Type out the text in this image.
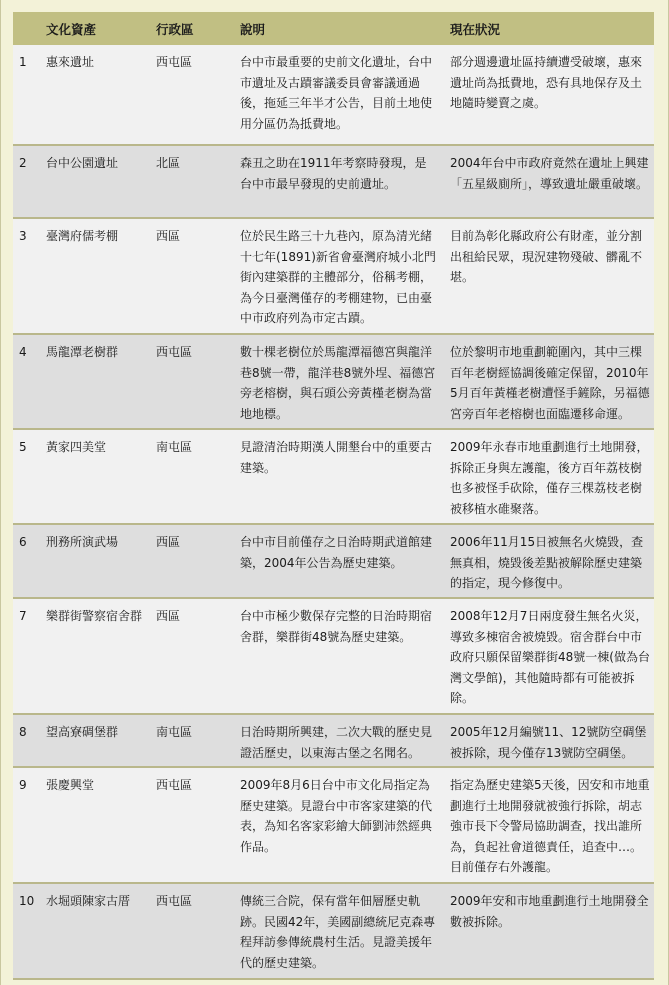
	文化資產	行政區	說明	現在狀況
1	惠來遺址	西屯區	台中市最重要的史前文化遺址，台中市遺址及古蹟審議委員會審議通過後，拖延三年半才公告，目前土地使用分區仍為抵費地。	部分週邊遺址區持續遭受破壞，惠來遺址尚為抵費地，恐有具地保存及土地隨時變賣之虞。
2	台中公園遺址	北區	森丑之助在1911年考察時發現，是台中市最早發現的史前遺址。	2004年台中市政府竟然在遺址上興建「五星級廁所」，導致遺址嚴重破壞。
3	臺灣府儒考棚	西區	位於民生路三十九巷內，原為清光緒十七年(1891)新省會臺灣府城小北門街內建築群的主體部分，俗稱考棚，為今日臺灣僅存的考棚建物，已由臺中市政府列為市定古蹟。	目前為彰化縣政府公有財產，並分割出租給民眾，現況建物殘破、髒亂不堪。
4	馬龍潭老樹群	西屯區	數十棵老樹位於馬龍潭福德宮與龍洋巷8號一帶，龍洋巷8號外埕、福德宮旁老榕樹，與石頭公旁黃槿老樹為當地地標。	位於黎明市地重劃範圍內，其中三棵百年老樹經協調後確定保留，2010年5月百年黃槿老樹遭怪手鏟除，另福德宮旁百年老榕樹也面臨遷移命運。
5	黃家四美堂	南屯區	見證清治時期漢人開墾台中的重要古建築。	2009年永春市地重劃進行土地開發，拆除正身與左護龍，後方百年荔枝樹也多被怪手砍除，僅存三棵荔枝老樹被移植水碓聚落。
6	刑務所演武場	西區	台中市目前僅存之日治時期武道館建築，2004年公告為歷史建築。	2006年11月15日被無名火燒毀，查無真相，燒毀後差點被解除歷史建築的指定，現今修復中。
7	樂群街警察宿舍群	西區	台中市極少數保存完整的日治時期宿舍群，樂群街48號為歷史建築。	2008年12月7日兩度發生無名火災，導致多棟宿舍被燒毀。宿舍群台中市政府只願保留樂群街48號一棟(做為台灣文學館)，其他隨時都有可能被拆除。
8	望高寮碉堡群	南屯區	日治時期所興建，二次大戰的歷史見證活歷史，以東海古堡之名聞名。	2005年12月編號11、12號防空碉堡被拆除，現今僅存13號防空碉堡。
9	張慶興堂	西屯區	2009年8月6日台中市文化局指定為歷史建築。見證台中市客家建築的代表，為知名客家彩繪大師劉沛然經典作品。	指定為歷史建築5天後，因安和市地重劃進行土地開發就被強行拆除，胡志強市長下令警局協助調查，找出誰所為，負起社會道德責任，追查中…。目前僅存右外護龍。
10	水堀頭陳家古厝	西屯區	傳統三合院，保有當年佃層歷史軌跡。民國42年，美國副總統尼克森專程拜訪參傳統農村生活。見證美援年代的歷史建築。	2009年安和市地重劃進行土地開發全數被拆除。
